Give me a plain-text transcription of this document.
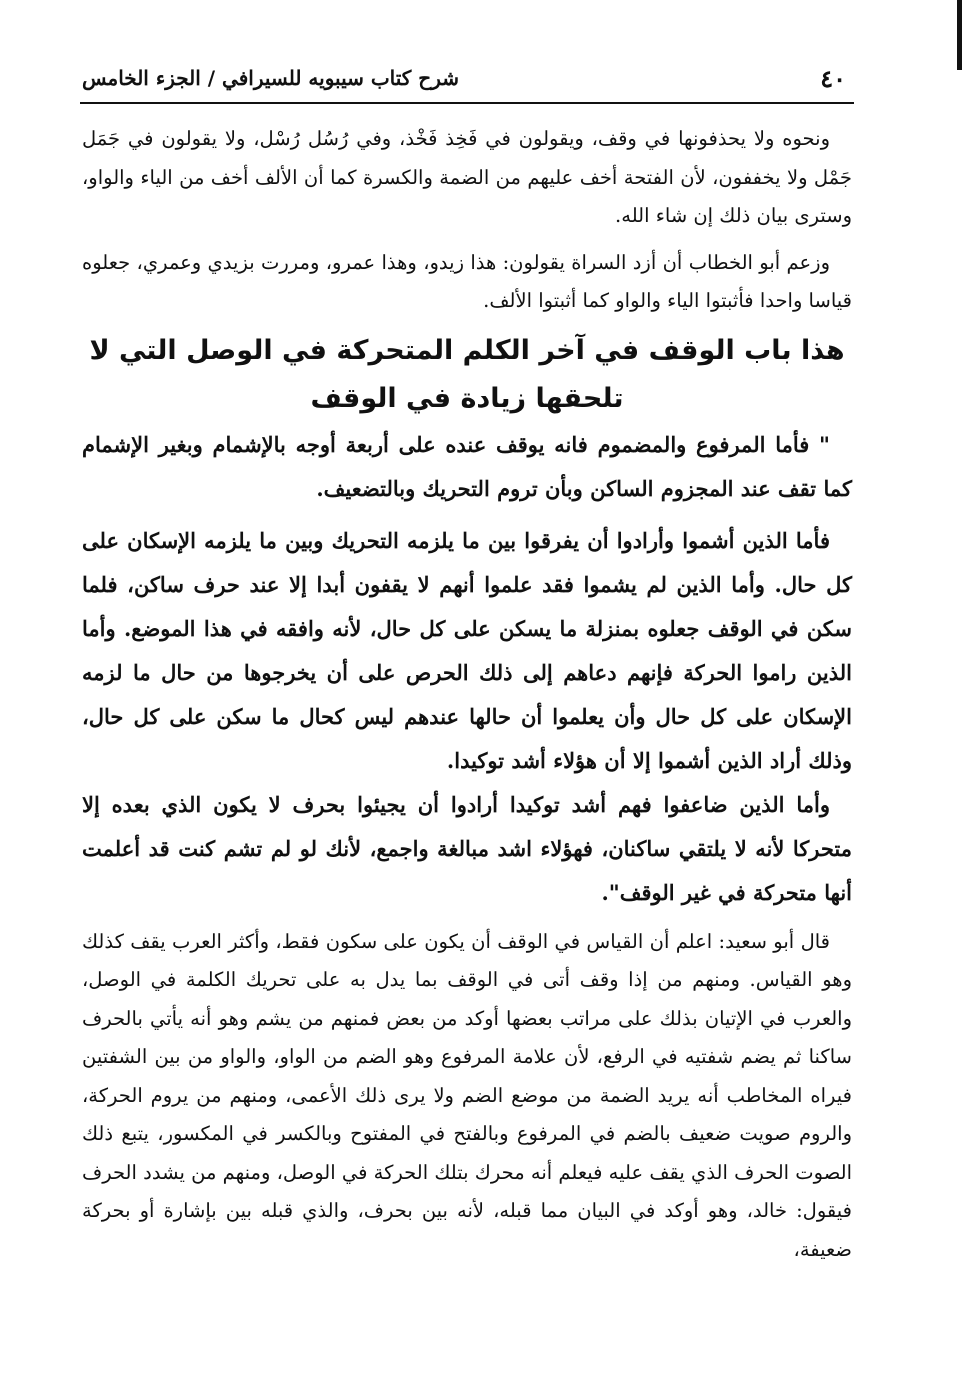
٤٠
شرح كتاب سيبويه للسيرافي / الجزء الخامس

ونحوه ولا يحذفونها في وقف، ويقولون في فَخِذ فَخْذ، وفي رُسُل رُسْل، ولا يقولون في جَمَل جَمْل ولا يخففون، لأن الفتحة أخف عليهم من الضمة والكسرة كما أن الألف أخف من الياء والواو، وسترى بيان ذلك إن شاء الله.

وزعم أبو الخطاب أن أزد السراة يقولون: هذا زيدو، وهذا عمرو، ومررت بزيدي وعمري، جعلوه قياسا واحدا فأثبتوا الياء والواو كما أثبتوا الألف.

هذا باب الوقف في آخر الكلم المتحركة في الوصل التي لا
تلحقها زيادة في الوقف

" فأما المرفوع والمضموم فانه يوقف عنده على أربعة أوجه بالإشمام وبغير الإشمام كما تقف عند المجزوم الساكن وبأن تروم التحريك وبالتضعيف.

فأما الذين أشموا وأرادوا أن يفرقوا بين ما يلزمه التحريك وبين ما يلزمه الإسكان على كل حال. وأما الذين لم يشموا فقد علموا أنهم لا يقفون أبدا إلا عند حرف ساكن، فلما سكن في الوقف جعلوه بمنزلة ما يسكن على كل حال، لأنه وافقه في هذا الموضع. وأما الذين راموا الحركة فإنهم دعاهم إلى ذلك الحرص على أن يخرجوها من حال ما لزمه الإسكان على كل حال وأن يعلموا أن حالها عندهم ليس كحال ما سكن على كل حال، وذلك أراد الذين أشموا إلا أن هؤلاء أشد توكيدا.

وأما الذين ضاعفوا فهم أشد توكيدا أرادوا أن يجيئوا بحرف لا يكون الذي بعده إلا متحركا لأنه لا يلتقي ساكنان، فهؤلاء اشد مبالغة واجمع، لأنك لو لم تشم كنت قد أعلمت أنها متحركة في غير الوقف".

قال أبو سعيد: اعلم أن القياس في الوقف أن يكون على سكون فقط، وأكثر العرب يقف كذلك وهو القياس. ومنهم من إذا وقف أتى في الوقف بما يدل به على تحريك الكلمة في الوصل، والعرب في الإتيان بذلك على مراتب بعضها أوكد من بعض فمنهم من يشم وهو أنه يأتي بالحرف ساكنا ثم يضم شفتيه في الرفع، لأن علامة المرفوع وهو الضم من الواو، والواو من بين الشفتين فيراه المخاطب أنه يريد الضمة من موضع الضم ولا يرى ذلك الأعمى، ومنهم من يروم الحركة، والروم صويت ضعيف بالضم في المرفوع وبالفتح في المفتوح وبالكسر في المكسور، يتبع ذلك الصوت الحرف الذي يقف عليه فيعلم أنه محرك بتلك الحركة في الوصل، ومنهم من يشدد الحرف فيقول: خالد، وهو أوكد في البيان مما قبله، لأنه بين بحرف، والذي قبله بين بإشارة أو بحركة ضعيفة،
